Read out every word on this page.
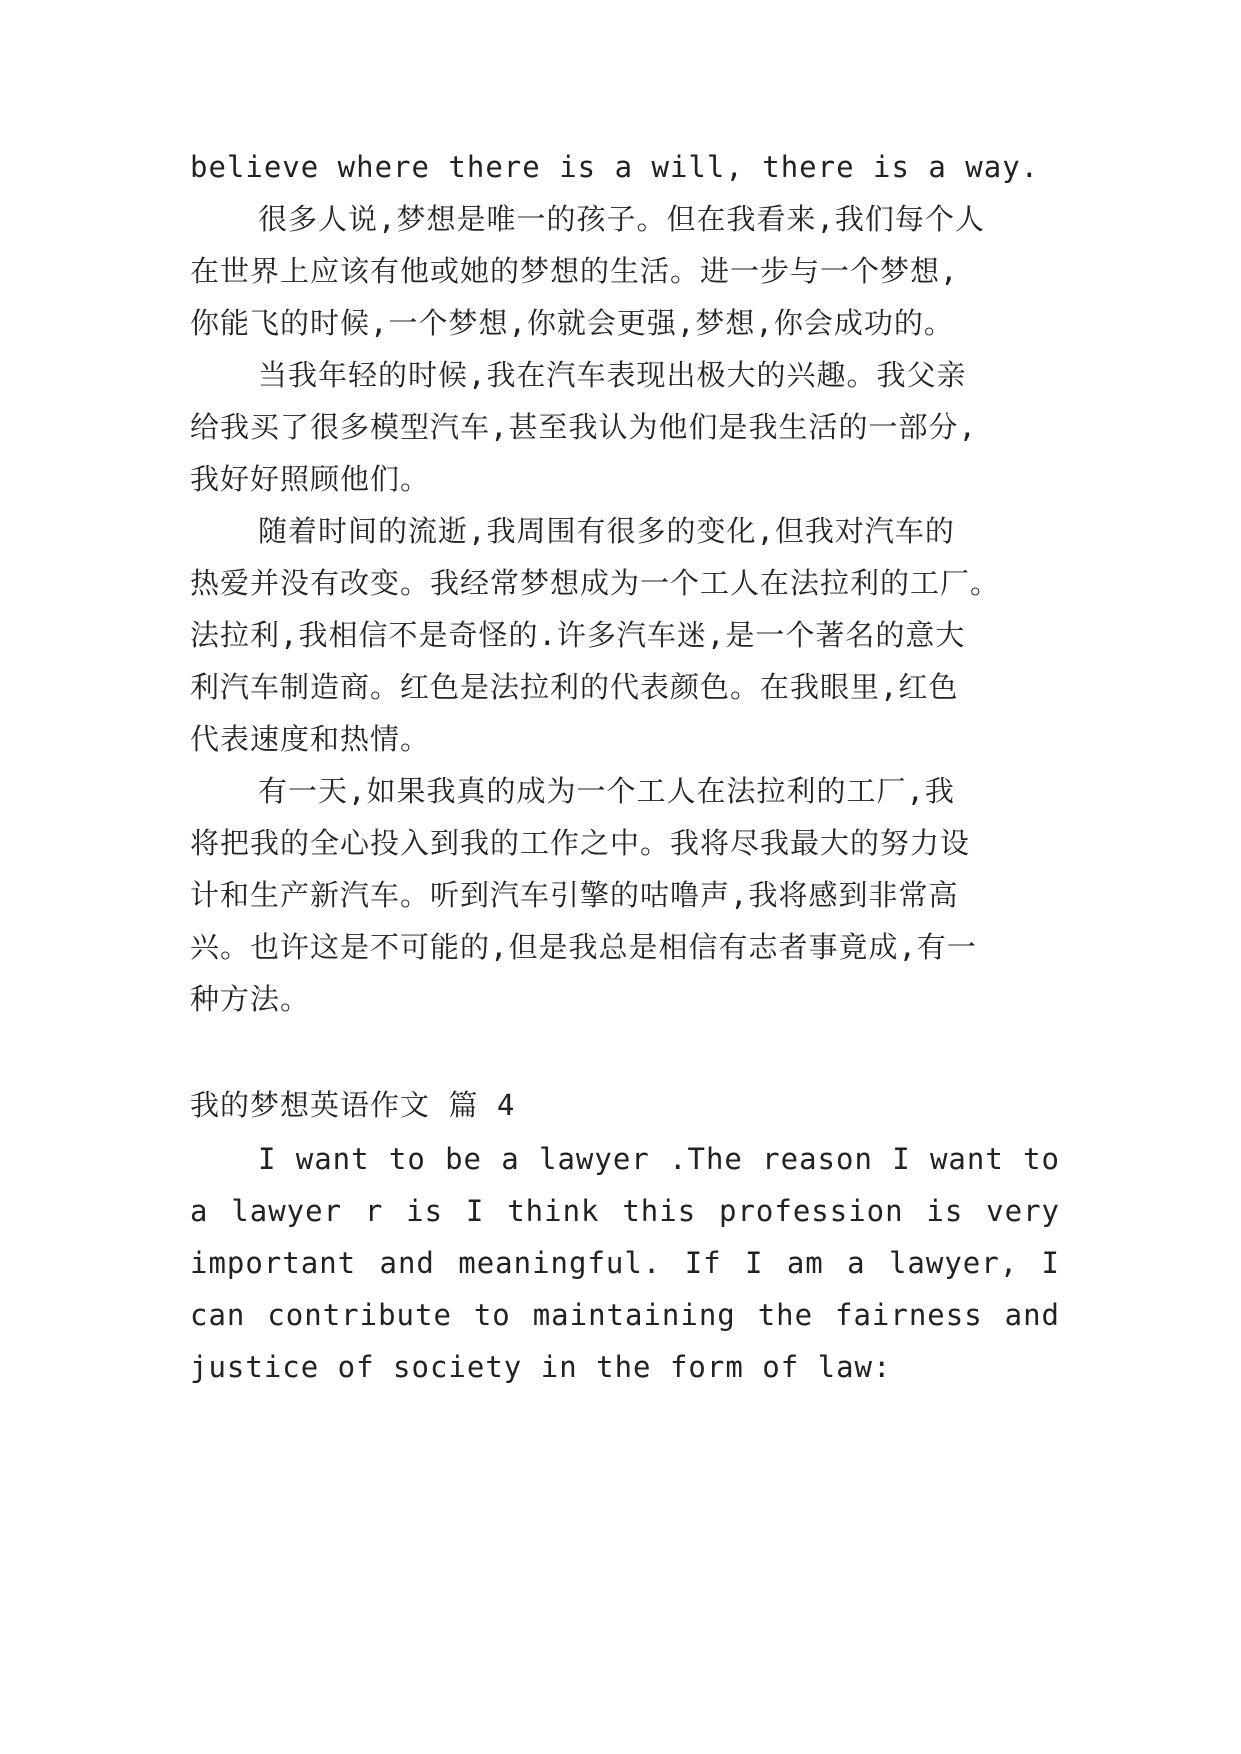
believe where there is a will, there is a way.
很多人说,梦想是唯一的孩子。但在我看来,我们每个人
在世界上应该有他或她的梦想的生活。进一步与一个梦想,
你能飞的时候,一个梦想,你就会更强,梦想,你会成功的。
当我年轻的时候,我在汽车表现出极大的兴趣。我父亲
给我买了很多模型汽车,甚至我认为他们是我生活的一部分,
我好好照顾他们。
随着时间的流逝,我周围有很多的变化,但我对汽车的
热爱并没有改变。我经常梦想成为一个工人在法拉利的工厂。
法拉利,我相信不是奇怪的.许多汽车迷,是一个著名的意大
利汽车制造商。红色是法拉利的代表颜色。在我眼里,红色
代表速度和热情。
有一天,如果我真的成为一个工人在法拉利的工厂,我
将把我的全心投入到我的工作之中。我将尽我最大的努力设
计和生产新汽车。听到汽车引擎的咕噜声,我将感到非常高
兴。也许这是不可能的,但是我总是相信有志者事竟成,有一
种方法。
我的梦想英语作文 篇 4
I want to be a lawyer .The reason I want to
a lawyer r is I think this profession is very
important and meaningful. If I am a lawyer, I
can contribute to maintaining the fairness and
justice of society in the form of law:
